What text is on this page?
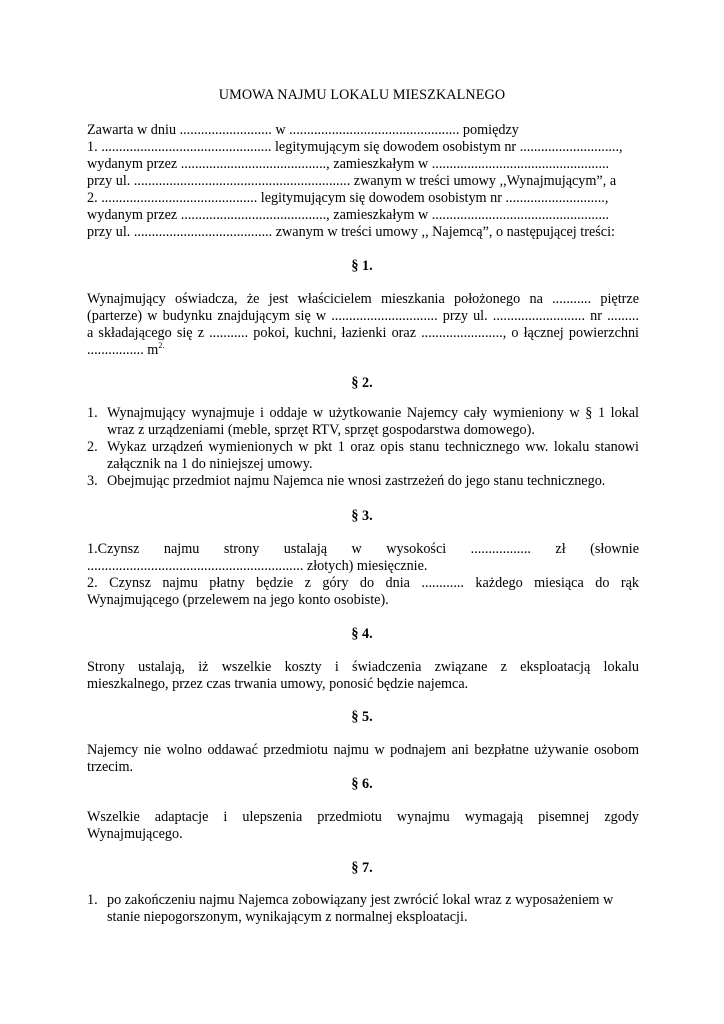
UMOWA NAJMU LOKALU MIESZKALNEGO
Zawarta w dniu .......................... w ................................................ pomiędzy
1. ................................................ legitymującym się dowodem osobistym nr ............................,
wydanym przez ........................................., zamieszkałym w ..................................................
przy ul. ............................................................. zwanym w treści umowy ,,Wynajmującym”, a
2. ............................................ legitymującym się dowodem osobistym nr ............................,
wydanym przez ........................................., zamieszkałym w ..................................................
przy ul. ....................................... zwanym w treści umowy ,, Najemcą”, o następującej treści:
§ 1.
Wynajmujący oświadcza, że jest właścicielem mieszkania położonego na ........... piętrze
(parterze) w budynku znajdującym się w .............................. przy ul. .......................... nr .........
a składającego się z ........... pokoi, kuchni, łazienki oraz ......................., o łącznej powierzchni
................ $m^{2.}$
§ 2.
1. Wynajmujący wynajmuje i oddaje w użytkowanie Najemcy cały wymieniony w § 1 lokal
wraz z urządzeniami (meble, sprzęt RTV, sprzęt gospodarstwa domowego).
2. Wykaz urządzeń wymienionych w pkt 1 oraz opis stanu technicznego ww. lokalu stanowi
załącznik na 1 do niniejszej umowy.
3. Obejmując przedmiot najmu Najemca nie wnosi zastrzeżeń do jego stanu technicznego.
§ 3.
1.Czynsz najmu strony ustalają w wysokości ................. zł (słownie
............................................................. złotych) miesięcznie.
2. Czynsz najmu płatny będzie z góry do dnia ............ każdego miesiąca do rąk
Wynajmującego (przelewem na jego konto osobiste).
§ 4.
Strony ustalają, iż wszelkie koszty i świadczenia związane z eksploatacją lokalu
mieszkalnego, przez czas trwania umowy, ponosić będzie najemca.
§ 5.
Najemcy nie wolno oddawać przedmiotu najmu w podnajem ani bezpłatne używanie osobom
trzecim.
§ 6.
Wszelkie adaptacje i ulepszenia przedmiotu wynajmu wymagają pisemnej zgody
Wynajmującego.
§ 7.
1. po zakończeniu najmu Najemca zobowiązany jest zwrócić lokal wraz z wyposażeniem w
stanie niepogorszonym, wynikającym z normalnej eksploatacji.
